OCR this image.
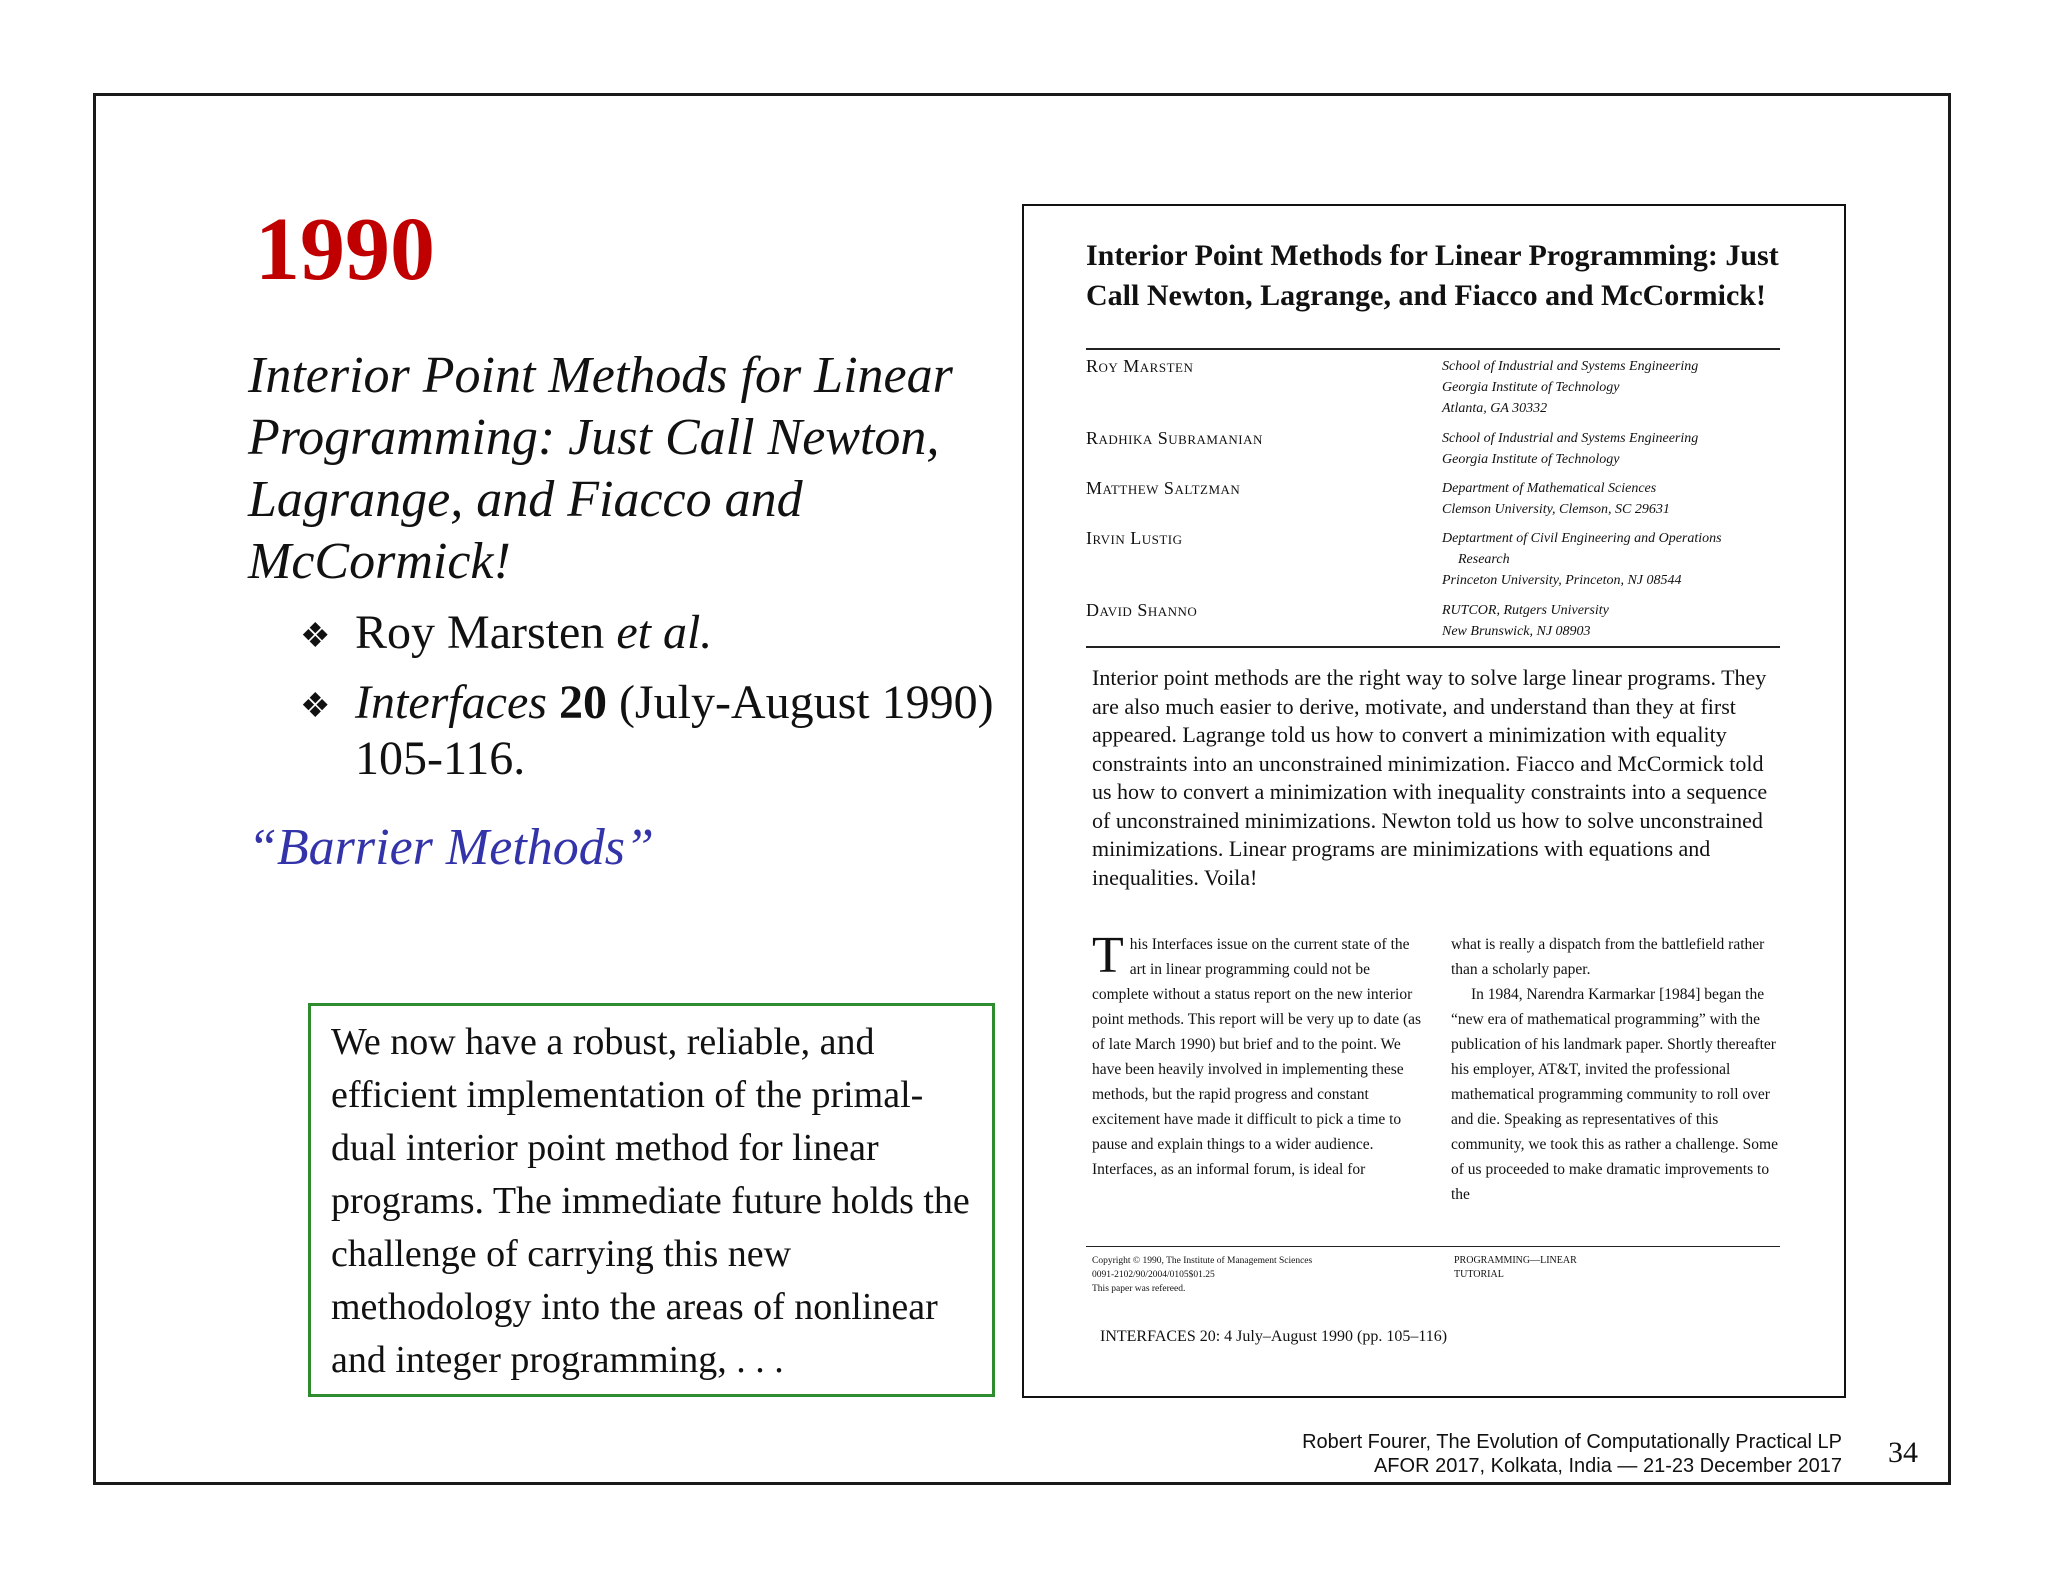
1990
Interior Point Methods for Linear Programming: Just Call Newton, Lagrange, and Fiacco and McCormick!
❖ Roy Marsten et al.
❖ Interfaces 20 (July-August 1990) 105-116.
“Barrier Methods”

We now have a robust, reliable, and efficient implementation of the primal-dual interior point method for linear programs. The immediate future holds the challenge of carrying this new methodology into the areas of nonlinear and integer programming, . . .

Interior Point Methods for Linear Programming: Just Call Newton, Lagrange, and Fiacco and McCormick!
Roy Marsten	School of Industrial and Systems Engineering
Georgia Institute of Technology
Atlanta, GA 30332
Radhika Subramanian	School of Industrial and Systems Engineering
Georgia Institute of Technology
Matthew Saltzman	Department of Mathematical Sciences
Clemson University, Clemson, SC 29631
Irvin Lustig	Deptartment of Civil Engineering and Operations
Research
Princeton University, Princeton, NJ 08544
David Shanno	RUTCOR, Rutgers University
New Brunswick, NJ 08903
Interior point methods are the right way to solve large linear programs. They are also much easier to derive, motivate, and understand than they at first appeared. Lagrange told us how to convert a minimization with equality constraints into an unconstrained minimization. Fiacco and McCormick told us how to convert a minimization with inequality constraints into a sequence of unconstrained minimizations. Newton told us how to solve unconstrained minimizations. Linear programs are minimizations with equations and inequalities. Voila!

This Interfaces issue on the current state of the art in linear programming could not be complete without a status report on the new interior point methods. This report will be very up to date (as of late March 1990) but brief and to the point. We have been heavily involved in implementing these methods, but the rapid progress and constant excitement have made it difficult to pick a time to pause and explain things to a wider audience. Interfaces, as an informal forum, is ideal for

what is really a dispatch from the battlefield rather than a scholarly paper.

In 1984, Narendra Karmarkar [1984] began the “new era of mathematical programming” with the publication of his landmark paper. Shortly thereafter his employer, AT&T, invited the professional mathematical programming community to roll over and die. Speaking as representatives of this community, we took this as rather a challenge. Some of us proceeded to make dramatic improvements to the

Copyright © 1990, The Institute of Management Sciences
0091-2102/90/2004/0105$01.25
This paper was refereed.
PROGRAMMING—LINEAR
TUTORIAL
INTERFACES 20: 4 July–August 1990 (pp. 105–116)
Robert Fourer, The Evolution of Computationally Practical LP
AFOR 2017, Kolkata, India — 21-23 December 2017 34
